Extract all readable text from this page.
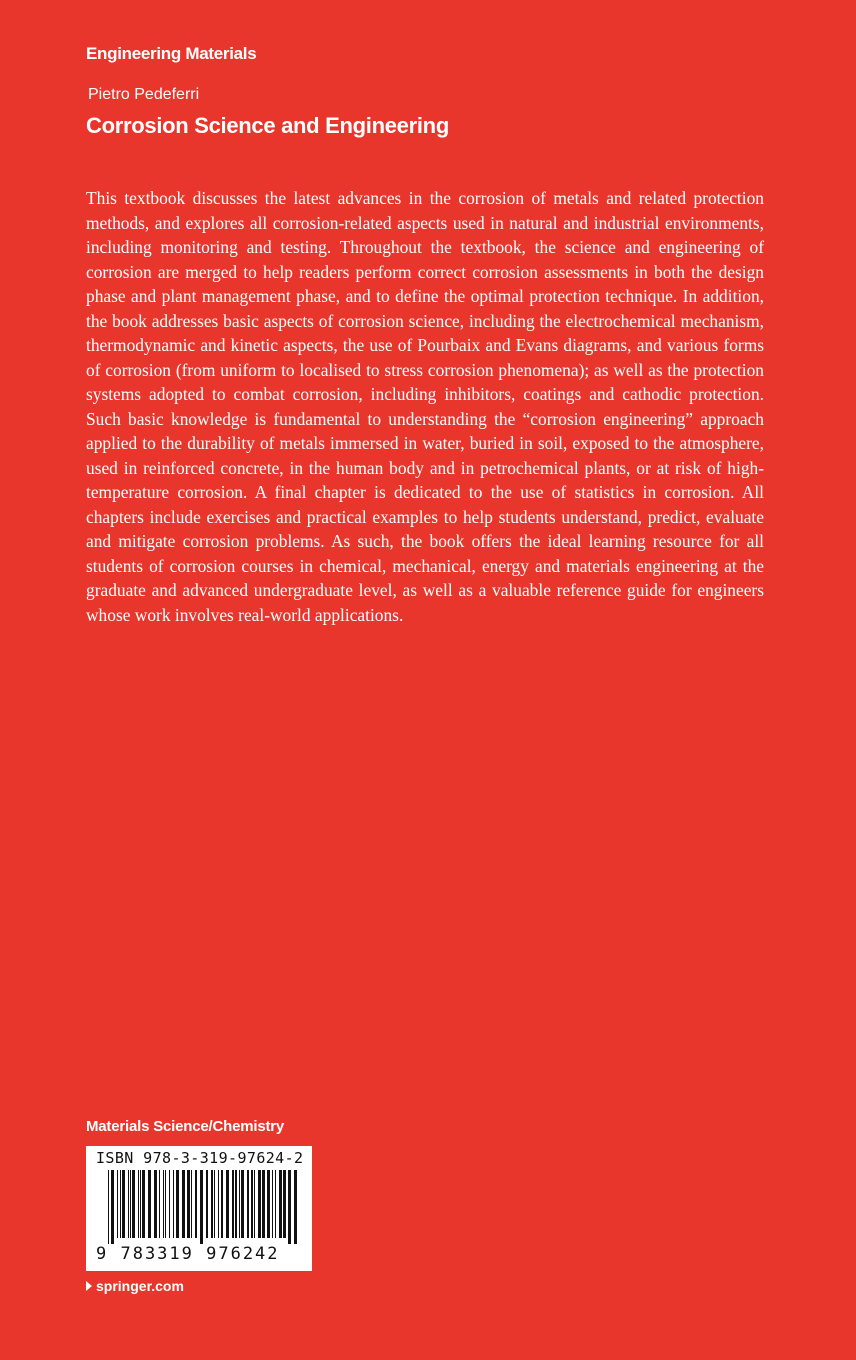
Engineering Materials
Pietro Pedeferri
Corrosion Science and Engineering

This textbook discusses the latest advances in the corrosion of metals and related protection methods, and explores all corrosion-related aspects used in natural and industrial environments, including monitoring and testing. Throughout the textbook, the science and engineering of corrosion are merged to help readers perform correct corrosion assessments in both the design phase and plant management phase, and to define the optimal protection technique. In addition, the book addresses basic aspects of corrosion science, including the electrochemical mechanism, thermodynamic and kinetic aspects, the use of Pourbaix and Evans diagrams, and various forms of corrosion (from uniform to localised to stress corrosion phenomena); as well as the protection systems adopted to combat corrosion, including inhibitors, coatings and cathodic protection. Such basic knowledge is fundamental to understanding the “corrosion engineering” approach applied to the durability of metals immersed in water, buried in soil, exposed to the atmosphere, used in reinforced concrete, in the human body and in petrochemical plants, or at risk of high-temperature corrosion. A final chapter is dedicated to the use of statistics in corrosion. All chapters include exercises and practical examples to help students understand, predict, evaluate and mitigate corrosion problems. As such, the book offers the ideal learning resource for all students of corrosion courses in chemical, mechanical, energy and materials engineering at the graduate and advanced undergraduate level, as well as a valuable reference guide for engineers whose work involves real-world applications.

Materials Science/Chemistry
ISBN 978-3-319-97624-2
9 783319 976242
springer.com
